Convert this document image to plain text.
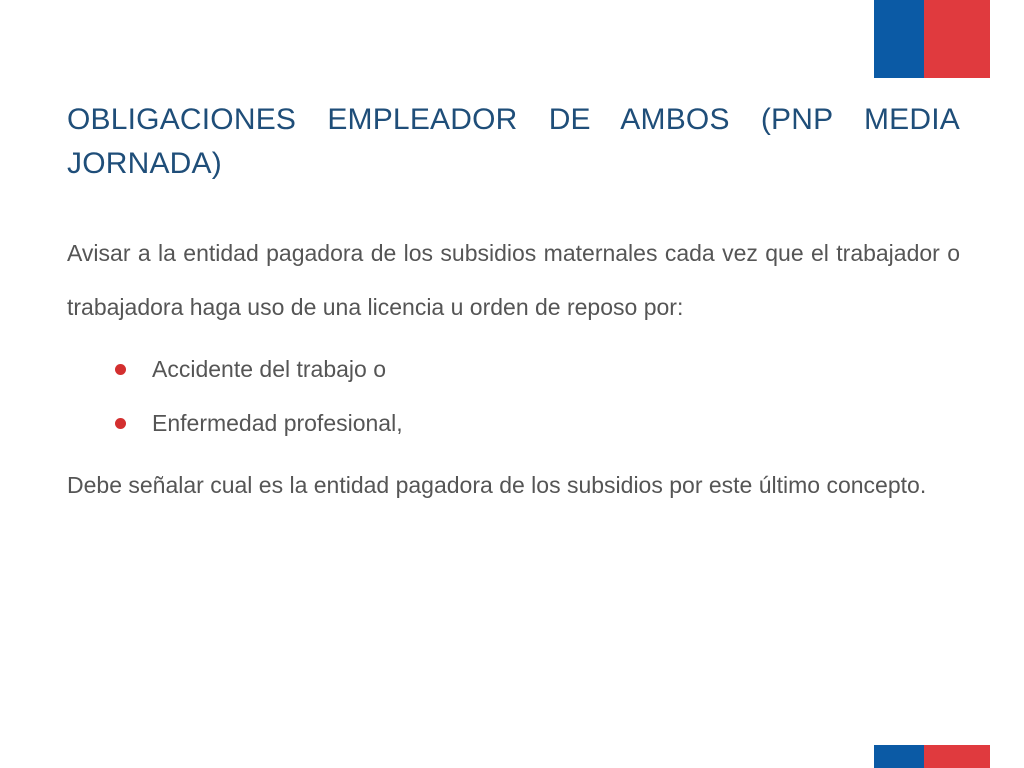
OBLIGACIONES EMPLEADOR DE AMBOS (PNP MEDIA JORNADA)

Avisar a la entidad pagadora de los subsidios maternales cada vez que el trabajador o trabajadora haga uso de una licencia u orden de reposo por:

Accidente del trabajo o
Enfermedad profesional,

Debe señalar cual es la entidad pagadora de los subsidios por este último concepto.
